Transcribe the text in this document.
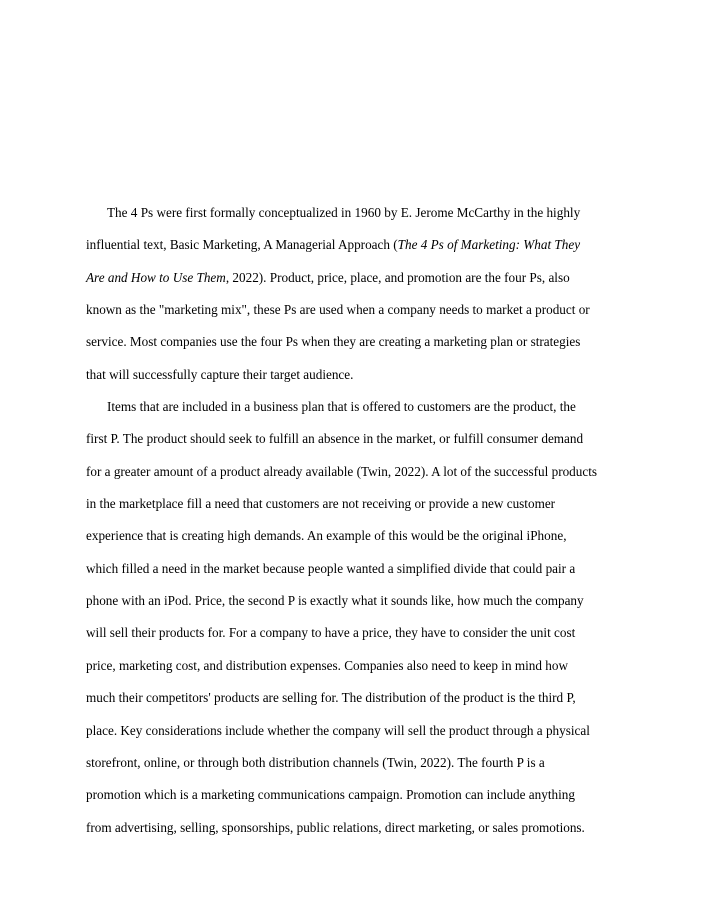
The 4 Ps were first formally conceptualized in 1960 by E. Jerome McCarthy in the highly
influential text, Basic Marketing, A Managerial Approach (The 4 Ps of Marketing: What They
Are and How to Use Them, 2022). Product, price, place, and promotion are the four Ps, also
known as the "marketing mix", these Ps are used when a company needs to market a product or
service. Most companies use the four Ps when they are creating a marketing plan or strategies
that will successfully capture their target audience.

Items that are included in a business plan that is offered to customers are the product, the
first P. The product should seek to fulfill an absence in the market, or fulfill consumer demand
for a greater amount of a product already available (Twin, 2022). A lot of the successful products
in the marketplace fill a need that customers are not receiving or provide a new customer
experience that is creating high demands. An example of this would be the original iPhone,
which filled a need in the market because people wanted a simplified divide that could pair a
phone with an iPod. Price, the second P is exactly what it sounds like, how much the company
will sell their products for. For a company to have a price, they have to consider the unit cost
price, marketing cost, and distribution expenses. Companies also need to keep in mind how
much their competitors' products are selling for. The distribution of the product is the third P,
place. Key considerations include whether the company will sell the product through a physical
storefront, online, or through both distribution channels (Twin, 2022). The fourth P is a
promotion which is a marketing communications campaign. Promotion can include anything
from advertising, selling, sponsorships, public relations, direct marketing, or sales promotions.
